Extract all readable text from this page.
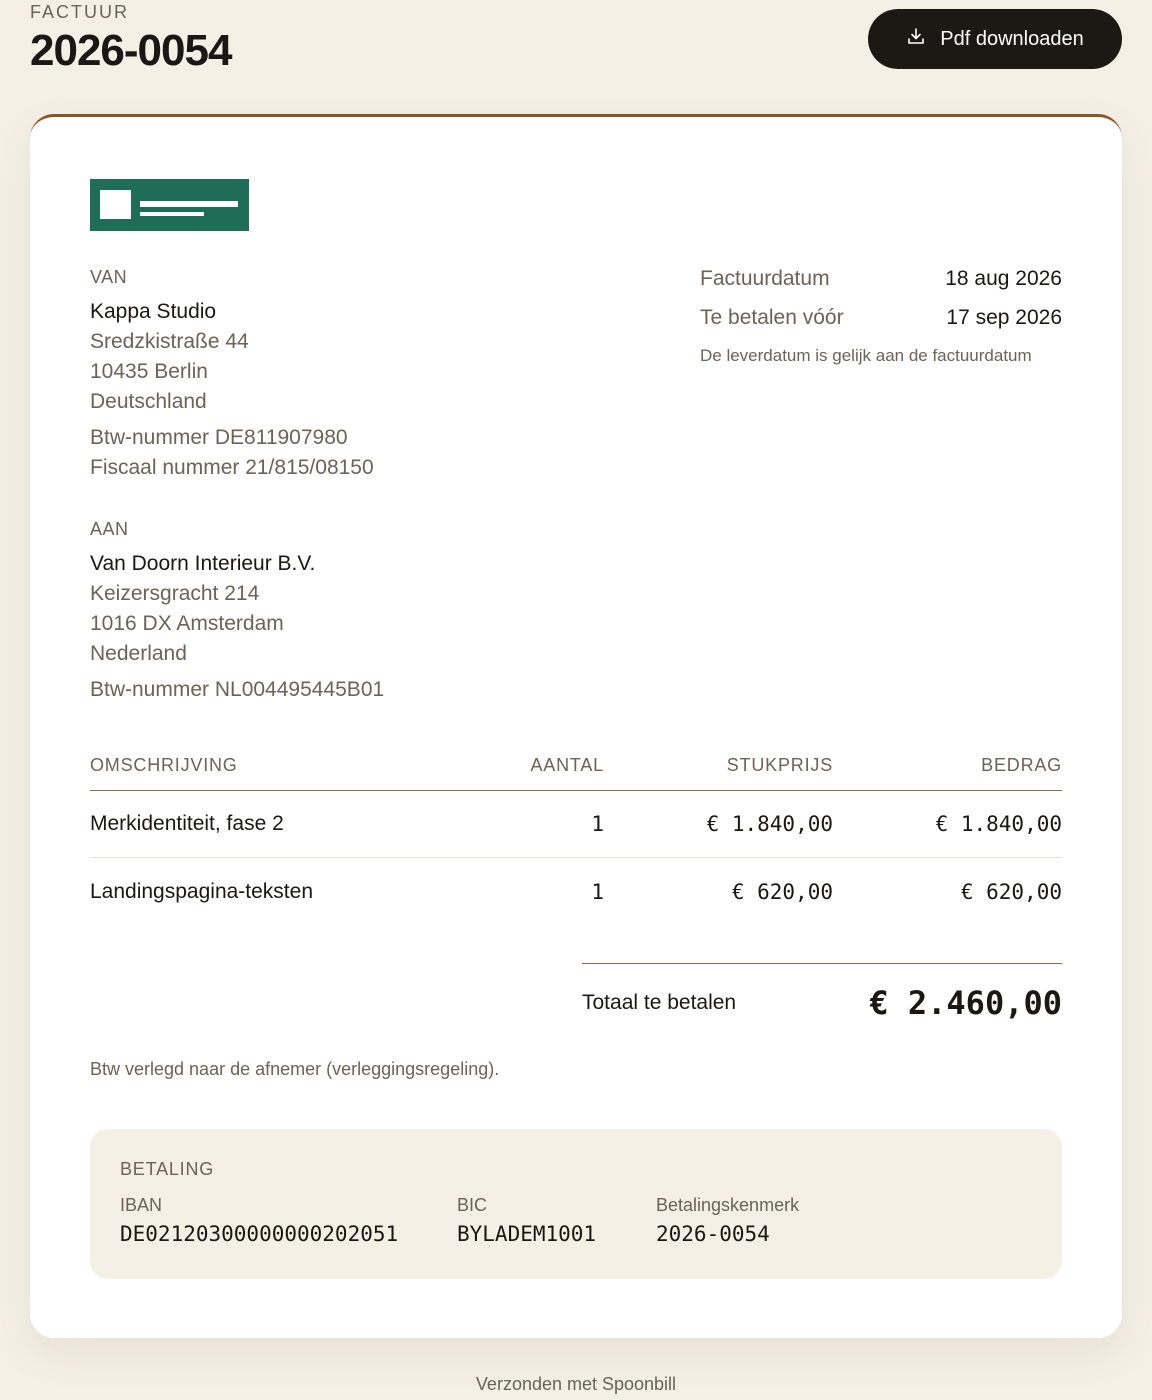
FACTUUR
2026-0054	Pdf downloaden
VAN
Kappa Studio
Sredzkistraße 44
10435 Berlin
Deutschland
Btw-nummer DE811907980
Fiscaal nummer 21/815/08150
AAN
Van Doorn Interieur B.V.
Keizersgracht 214
1016 DX Amsterdam
Nederland
Btw-nummer NL004495445B01
Factuurdatum	18 aug 2026
Te betalen vóór	17 sep 2026
De leverdatum is gelijk aan de factuurdatum
OMSCHRIJVING	AANTAL	STUKPRIJS	BEDRAG
Merkidentiteit, fase 2	1	€ 1.840,00	€ 1.840,00
Landingspagina-teksten	1	€ 620,00	€ 620,00
Totaal te betalen	€ 2.460,00
Btw verlegd naar de afnemer (verleggingsregeling).
BETALING
IBAN
DE02120300000000202051
BIC
BYLADEM1001
Betalingskenmerk
2026-0054
Verzonden met Spoonbill
